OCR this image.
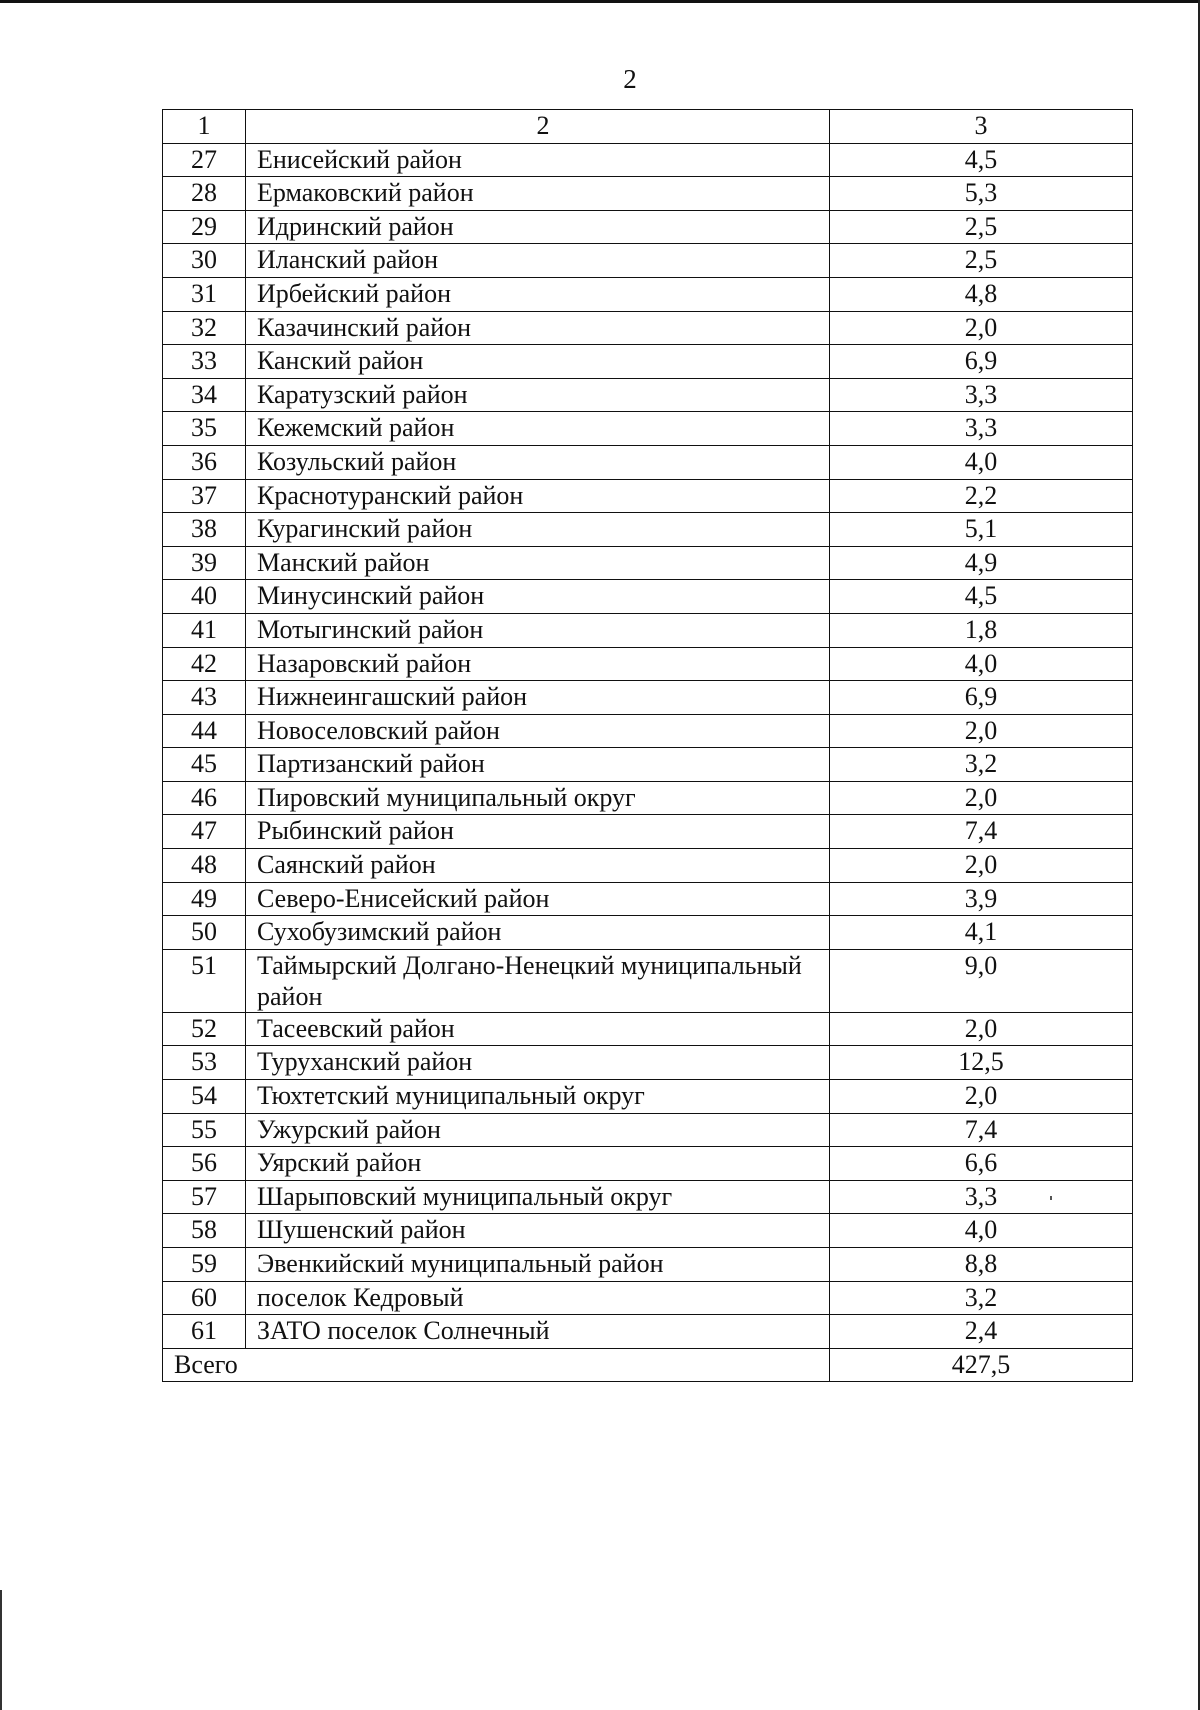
2
1	2	3
27	Енисейский район	4,5
28	Ермаковский район	5,3
29	Идринский район	2,5
30	Иланский район	2,5
31	Ирбейский район	4,8
32	Казачинский район	2,0
33	Канский район	6,9
34	Каратузский район	3,3
35	Кежемский район	3,3
36	Козульский район	4,0
37	Краснотуранский район	2,2
38	Курагинский район	5,1
39	Манский район	4,9
40	Минусинский район	4,5
41	Мотыгинский район	1,8
42	Назаровский район	4,0
43	Нижнеингашский район	6,9
44	Новоселовский район	2,0
45	Партизанский район	3,2
46	Пировский муниципальный округ	2,0
47	Рыбинский район	7,4
48	Саянский район	2,0
49	Северо-Енисейский район	3,9
50	Сухобузимский район	4,1
51	Таймырский Долгано-Ненецкий муниципальный район	9,0
52	Тасеевский район	2,0
53	Туруханский район	12,5
54	Тюхтетский муниципальный округ	2,0
55	Ужурский район	7,4
56	Уярский район	6,6
57	Шарыповский муниципальный округ	3,3
58	Шушенский район	4,0
59	Эвенкийский муниципальный район	8,8
60	поселок Кедровый	3,2
61	ЗАТО поселок Солнечный	2,4
Всего		427,5
